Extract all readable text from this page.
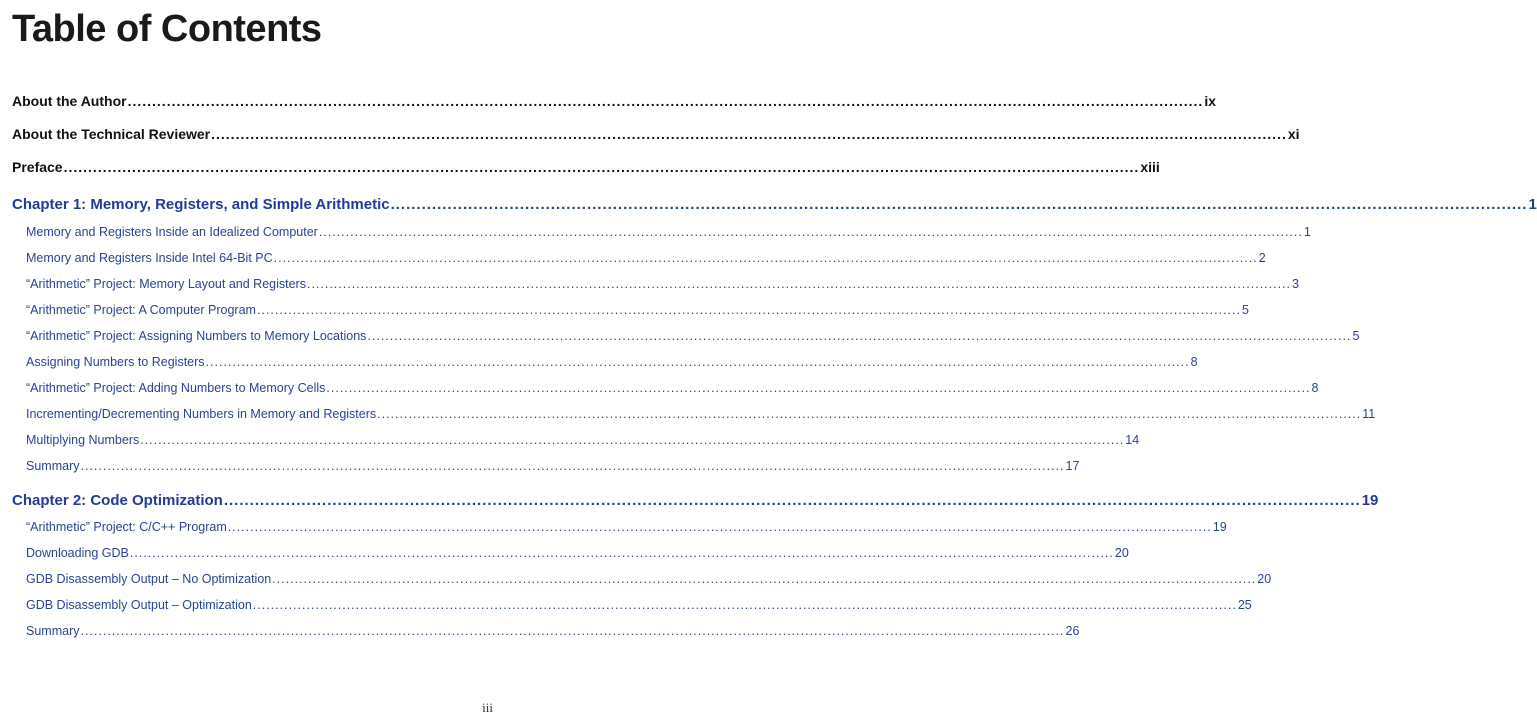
Table of Contents
About the Author ............................................................................................................................................................................................................................ ix
About the Technical Reviewer ............................................................................................................................................................................................................................ xi
Preface ............................................................................................................................................................................................................................ xiii
Chapter 1: Memory, Registers, and Simple Arithmetic ............................................................................................................................................................................................................................ 1
Memory and Registers Inside an Idealized Computer ............................................................................................................................................................................................................................ 1
Memory and Registers Inside Intel 64-Bit PC ............................................................................................................................................................................................................................ 2
“Arithmetic” Project: Memory Layout and Registers ............................................................................................................................................................................................................................ 3
“Arithmetic” Project: A Computer Program ............................................................................................................................................................................................................................ 5
“Arithmetic” Project: Assigning Numbers to Memory Locations ............................................................................................................................................................................................................................ 5
Assigning Numbers to Registers ............................................................................................................................................................................................................................ 8
“Arithmetic” Project: Adding Numbers to Memory Cells ............................................................................................................................................................................................................................ 8
Incrementing/Decrementing Numbers in Memory and Registers ............................................................................................................................................................................................................................ 11
Multiplying Numbers ............................................................................................................................................................................................................................ 14
Summary ............................................................................................................................................................................................................................ 17
Chapter 2: Code Optimization ............................................................................................................................................................................................................................ 19
“Arithmetic” Project: C/C++ Program ............................................................................................................................................................................................................................ 19
Downloading GDB ............................................................................................................................................................................................................................ 20
GDB Disassembly Output – No Optimization ............................................................................................................................................................................................................................ 20
GDB Disassembly Output – Optimization ............................................................................................................................................................................................................................ 25
Summary ............................................................................................................................................................................................................................ 26
iii
